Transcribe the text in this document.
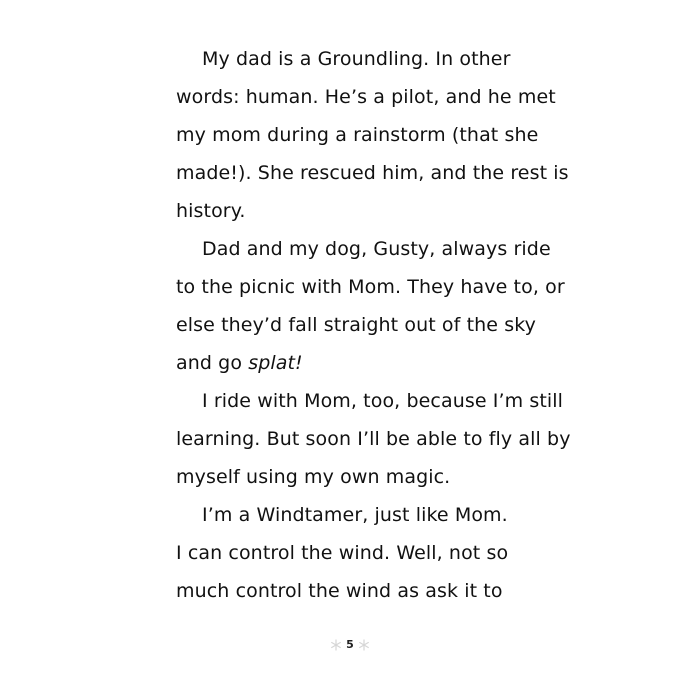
My dad is a Groundling. In other
words: human. He’s a pilot, and he met
my mom during a rainstorm (that she
made!). She rescued him, and the rest is
history.
Dad and my dog, Gusty, always ride
to the picnic with Mom. They have to, or
else they’d fall straight out of the sky
and go splat!
I ride with Mom, too, because I’m still
learning. But soon I’ll be able to fly all by
myself using my own magic.
I’m a Windtamer, just like Mom.
I can control the wind. Well, not so
much control the wind as ask it to
5
